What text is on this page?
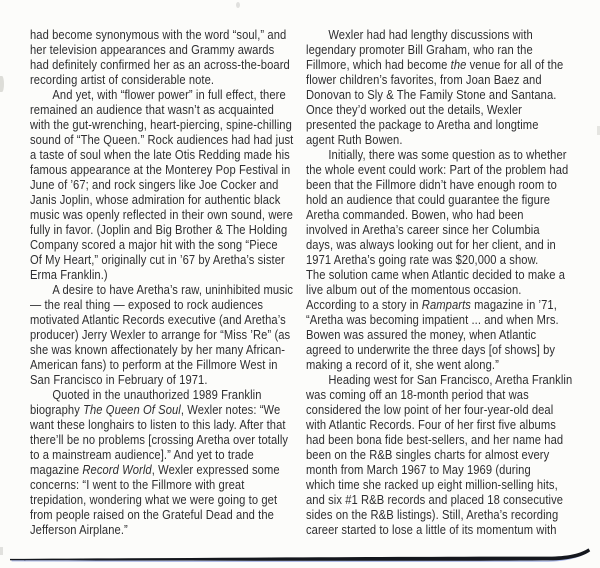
had become synonymous with the word “soul,” and
her television appearances and Grammy awards
had definitely confirmed her as an across-the-board
recording artist of considerable note.
And yet, with “flower power” in full effect, there
remained an audience that wasn’t as acquainted
with the gut-wrenching, heart-piercing, spine-chilling
sound of “The Queen.” Rock audiences had had just
a taste of soul when the late Otis Redding made his
famous appearance at the Monterey Pop Festival in
June of ’67; and rock singers like Joe Cocker and
Janis Joplin, whose admiration for authentic black
music was openly reflected in their own sound, were
fully in favor. (Joplin and Big Brother & The Holding
Company scored a major hit with the song “Piece
Of My Heart,” originally cut in ’67 by Aretha’s sister
Erma Franklin.)
A desire to have Aretha’s raw, uninhibited music
— the real thing — exposed to rock audiences
motivated Atlantic Records executive (and Aretha’s
producer) Jerry Wexler to arrange for “Miss ’Re” (as
she was known affectionately by her many African-
American fans) to perform at the Fillmore West in
San Francisco in February of 1971.
Quoted in the unauthorized 1989 Franklin
biography The Queen Of Soul, Wexler notes: “We
want these longhairs to listen to this lady. After that
there’ll be no problems [crossing Aretha over totally
to a mainstream audience].” And yet to trade
magazine Record World, Wexler expressed some
concerns: “I went to the Fillmore with great
trepidation, wondering what we were going to get
from people raised on the Grateful Dead and the
Jefferson Airplane.”
Wexler had had lengthy discussions with
legendary promoter Bill Graham, who ran the
Fillmore, which had become the venue for all of the
flower children’s favorites, from Joan Baez and
Donovan to Sly & The Family Stone and Santana.
Once they’d worked out the details, Wexler
presented the package to Aretha and longtime
agent Ruth Bowen.
Initially, there was some question as to whether
the whole event could work: Part of the problem had
been that the Fillmore didn’t have enough room to
hold an audience that could guarantee the figure
Aretha commanded. Bowen, who had been
involved in Aretha’s career since her Columbia
days, was always looking out for her client, and in
1971 Aretha’s going rate was $20,000 a show.
The solution came when Atlantic decided to make a
live album out of the momentous occasion.
According to a story in Ramparts magazine in ’71,
“Aretha was becoming impatient ... and when Mrs.
Bowen was assured the money, when Atlantic
agreed to underwrite the three days [of shows] by
making a record of it, she went along.”
Heading west for San Francisco, Aretha Franklin
was coming off an 18-month period that was
considered the low point of her four-year-old deal
with Atlantic Records. Four of her first five albums
had been bona fide best-sellers, and her name had
been on the R&B singles charts for almost every
month from March 1967 to May 1969 (during
which time she racked up eight million-selling hits,
and six #1 R&B records and placed 18 consecutive
sides on the R&B listings). Still, Aretha’s recording
career started to lose a little of its momentum with
